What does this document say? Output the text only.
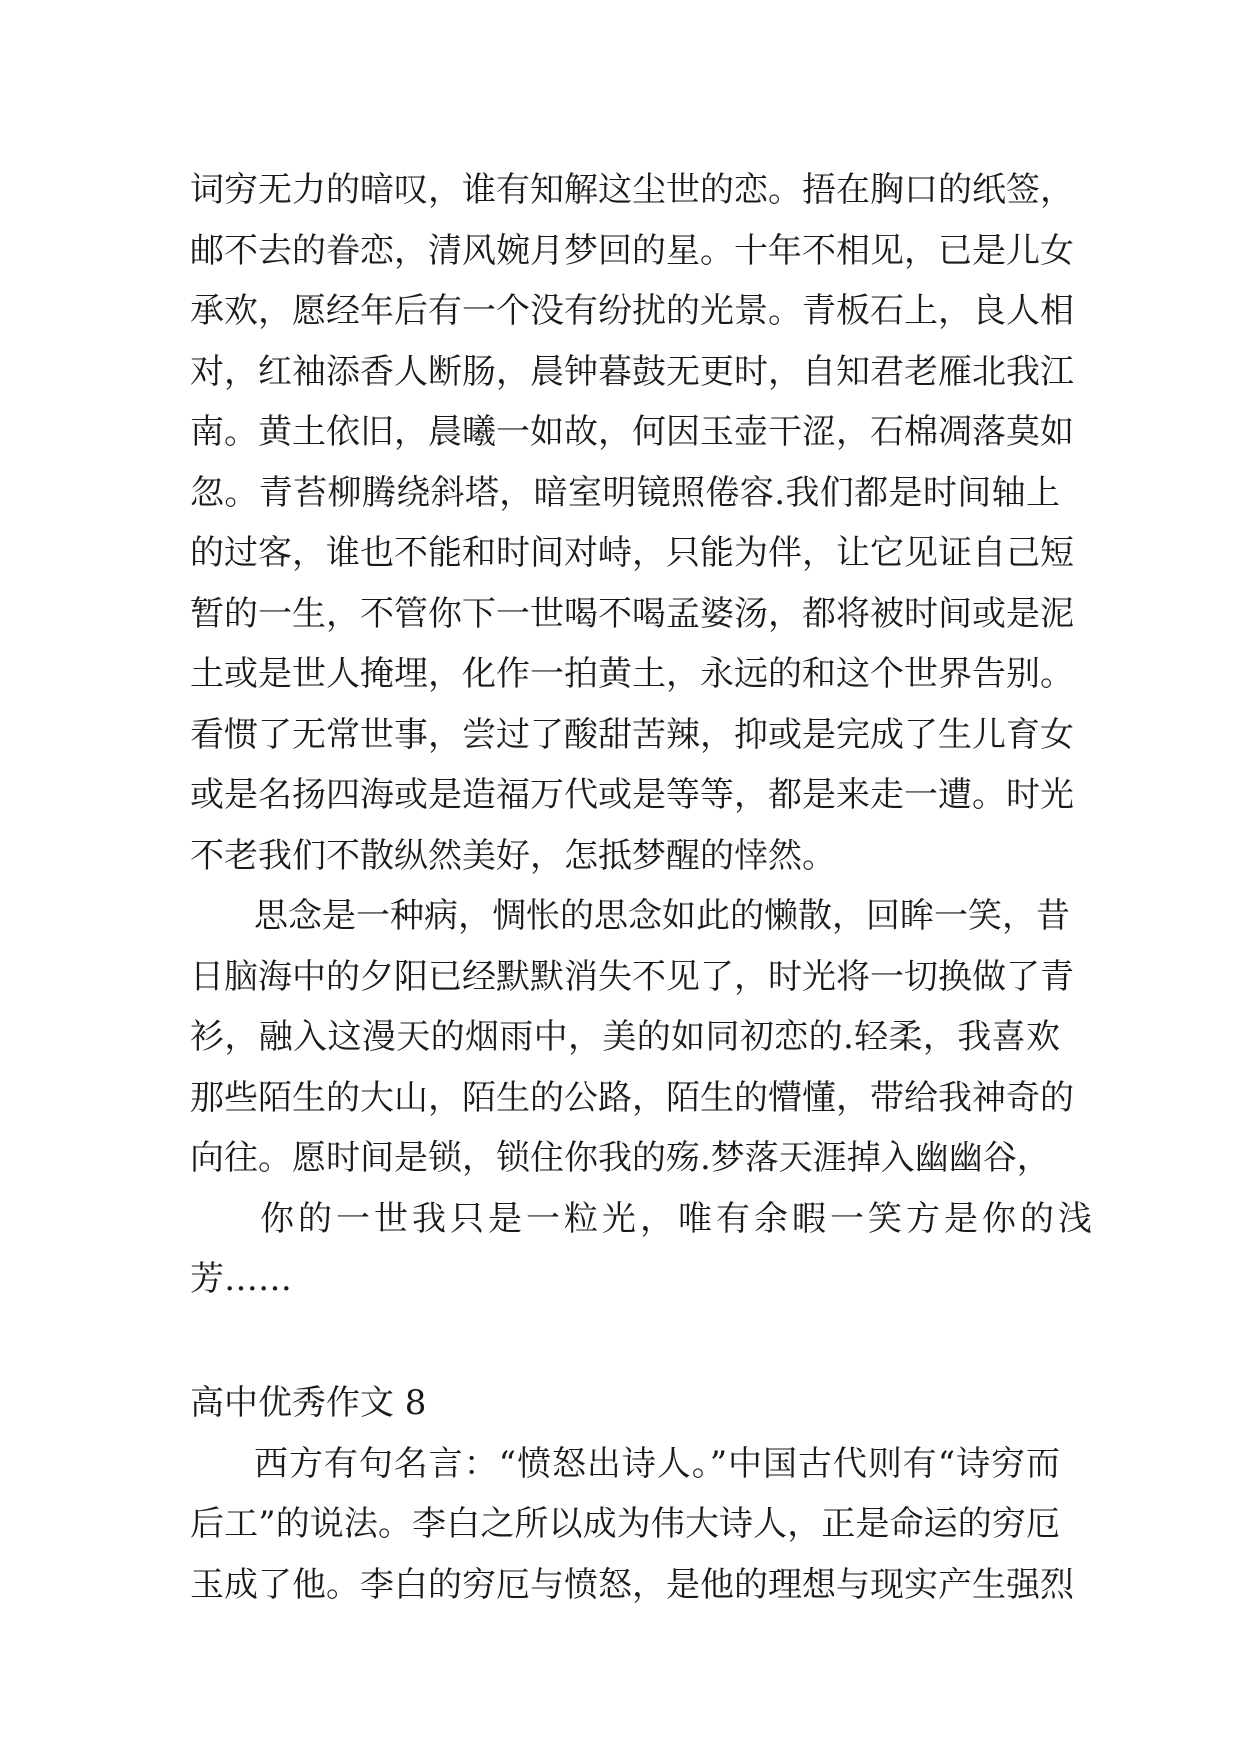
词穷无力的暗叹，谁有知解这尘世的恋。捂在胸口的纸签，
邮不去的眷恋，清风婉月梦回的星。十年不相见，已是儿女
承欢，愿经年后有一个没有纷扰的光景。青板石上，良人相
对，红袖添香人断肠，晨钟暮鼓无更时，自知君老雁北我江
南。黄土依旧，晨曦一如故，何因玉壶干涩，石棉凋落莫如
忽。青苔柳腾绕斜塔，暗室明镜照倦容.我们都是时间轴上
的过客，谁也不能和时间对峙，只能为伴，让它见证自己短
暂的一生，不管你下一世喝不喝孟婆汤，都将被时间或是泥
土或是世人掩埋，化作一拍黄土，永远的和这个世界告别。
看惯了无常世事，尝过了酸甜苦辣，抑或是完成了生儿育女
或是名扬四海或是造福万代或是等等，都是来走一遭。时光
不老我们不散纵然美好，怎抵梦醒的悻然。
思念是一种病，惆怅的思念如此的懒散，回眸一笑，昔
日脑海中的夕阳已经默默消失不见了，时光将一切换做了青
衫，融入这漫天的烟雨中，美的如同初恋的.轻柔，我喜欢
那些陌生的大山，陌生的公路，陌生的懵懂，带给我神奇的
向往。愿时间是锁，锁住你我的殇.梦落天涯掉入幽幽谷，
你的一世我只是一粒光，唯有余暇一笑方是你的浅
芳……
高中优秀作文 8
西方有句名言：“愤怒出诗人。”中国古代则有“诗穷而
后工”的说法。李白之所以成为伟大诗人，正是命运的穷厄
玉成了他。李白的穷厄与愤怒，是他的理想与现实产生强烈
